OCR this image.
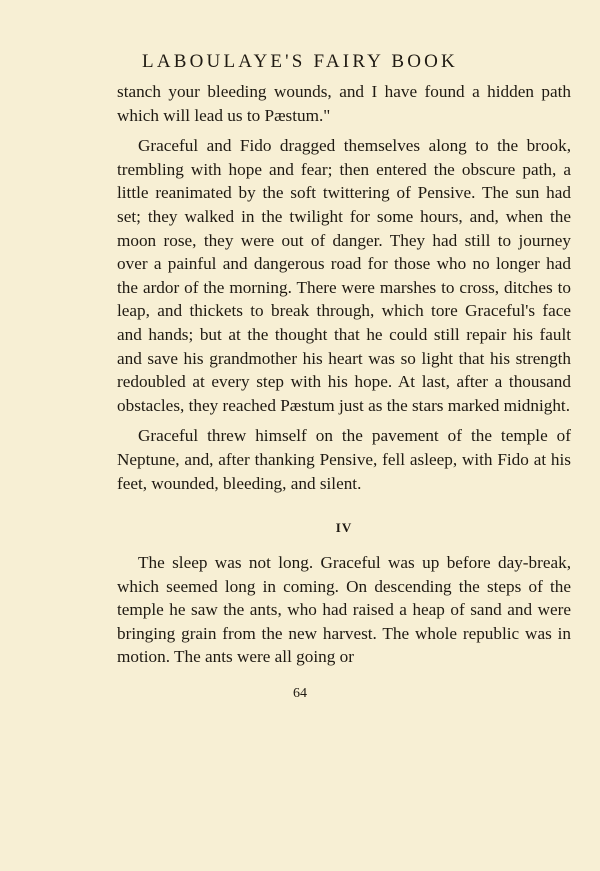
LABOULAYE'S FAIRY BOOK

stanch your bleeding wounds, and I have found a hidden path which will lead us to Pæstum."

Graceful and Fido dragged themselves along to the brook, trembling with hope and fear; then entered the obscure path, a little reanimated by the soft twittering of Pensive. The sun had set; they walked in the twilight for some hours, and, when the moon rose, they were out of danger. They had still to journey over a painful and dangerous road for those who no longer had the ardor of the morning. There were marshes to cross, ditches to leap, and thickets to break through, which tore Graceful's face and hands; but at the thought that he could still repair his fault and save his grandmother his heart was so light that his strength redoubled at every step with his hope. At last, after a thousand obstacles, they reached Pæstum just as the stars marked midnight.

Graceful threw himself on the pavement of the temple of Neptune, and, after thanking Pensive, fell asleep, with Fido at his feet, wounded, bleeding, and silent.

IV

The sleep was not long. Graceful was up before day-break, which seemed long in coming. On descending the steps of the temple he saw the ants, who had raised a heap of sand and were bringing grain from the new harvest. The whole republic was in motion. The ants were all going or

64
